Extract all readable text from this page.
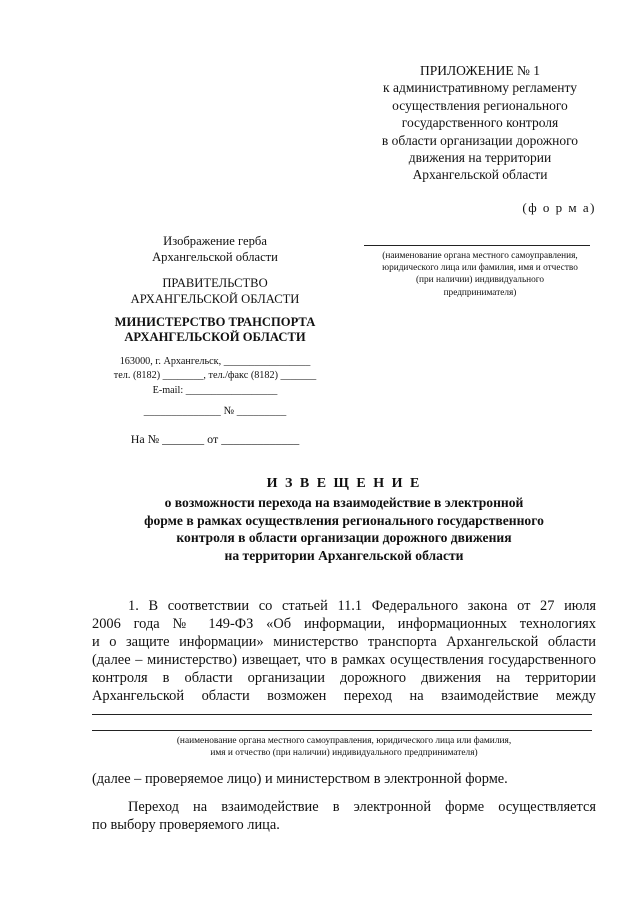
ПРИЛОЖЕНИЕ № 1
к административному регламенту
осуществления регионального
государственного контроля
в области организации дорожного
движения на территории
Архангельской области
(ф о р м а)
(наименование органа местного самоуправления,
юридического лица или фамилия, имя и отчество
(при наличии) индивидуального
предпринимателя)
Изображение герба
Архангельской области
ПРАВИТЕЛЬСТВО
АРХАНГЕЛЬСКОЙ ОБЛАСТИ
МИНИСТЕРСТВО ТРАНСПОРТА
АРХАНГЕЛЬСКОЙ ОБЛАСТИ
163000, г. Архангельск, _________________
тел. (8182) ________, тел./факс (8182) _______
E-mail: __________________
______________ № _________
На № _______ от _____________
И З В Е Щ Е Н И Е
о возможности перехода на взаимодействие в электронной
форме в рамках осуществления регионального государственного
контроля в области организации дорожного движения
на территории Архангельской области
1. В соответствии со статьей 11.1 Федерального закона от 27 июля
2006 года № 149-ФЗ «Об информации, информационных технологиях
и о защите информации» министерство транспорта Архангельской области
(далее – министерство) извещает, что в рамках осуществления государственного
контроля в области организации дорожного движения на территории
Архангельской области возможен переход на взаимодействие между
(наименование органа местного самоуправления, юридического лица или фамилия,
имя и отчество (при наличии) индивидуального предпринимателя)
(далее – проверяемое лицо) и министерством в электронной форме.
Переход на взаимодействие в электронной форме осуществляется
по выбору проверяемого лица.
